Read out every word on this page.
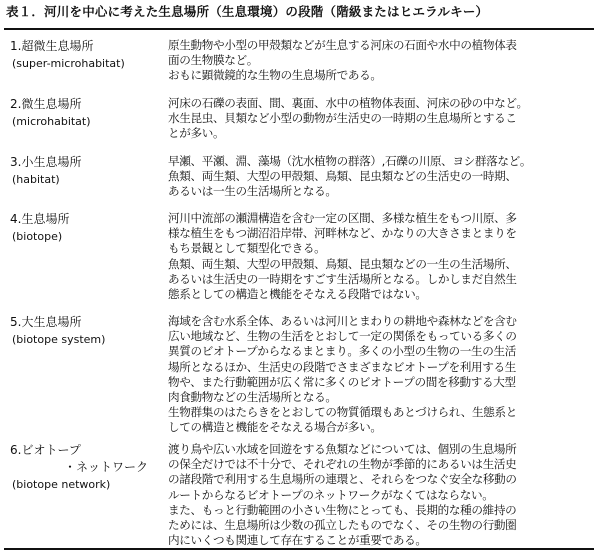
表１．河川を中心に考えた生息場所（生息環境）の段階（階級またはヒエラルキー）
1.超微生息場所
(super-microhabitat)
原生動物や小型の甲殻類などが生息する河床の石面や水中の植物体表
面の生物膜など。
おもに顕微鏡的な生物の生息場所である。
2.微生息場所
(microhabitat)
河床の石礫の表面、間、裏面、水中の植物体表面、河床の砂の中など。
水生昆虫、貝類など小型の動物が生活史の一時期の生息場所とするこ
とが多い。
3.小生息場所
(habitat)
早瀬、平瀬、淵、藻場（沈水植物の群落）,石礫の川原、ヨシ群落など。
魚類、両生類、大型の甲殻類、鳥類、昆虫類などの生活史の一時期、
あるいは一生の生活場所となる。
4.生息場所
(biotope)
河川中流部の瀬淵構造を含む一定の区間、多様な植生をもつ川原、多
様な植生をもつ湖沼沿岸帯、河畔林など、かなりの大きさまとまりを
もち景観として類型化できる。
魚類、両生類、大型の甲殻類、鳥類、昆虫類などの一生の生活場所、
あるいは生活史の一時期をすごす生活場所となる。しかしまだ自然生
態系としての構造と機能をそなえる段階ではない。
5.大生息場所
(biotope system)
海域を含む水系全体、あるいは河川とまわりの耕地や森林などを含む
広い地域など、生物の生活をとおして一定の関係をもっている多くの
異質のビオトープからなるまとまり。多くの小型の生物の一生の生活
場所となるほか、生活史の段階でさまざまなビオトープを利用する生
物や、また行動範囲が広く常に多くのビオトープの間を移動する大型
肉食動物などの生活場所となる。
生物群集のはたらきをとおしての物質循環もあとづけられ、生態系と
しての構造と機能をそなえる場合が多い。
6.ビオトープ
・ネットワーク
(biotope network)
渡り鳥や広い水域を回遊をする魚類などについては、個別の生息場所
の保全だけでは不十分で、それぞれの生物が季節的にあるいは生活史
の諸段階で利用する生息場所の連環と、それらをつなぐ安全な移動の
ルートからなるビオトープのネットワークがなくてはならない。
また、もっと行動範囲の小さい生物にとっても、長期的な種の維持の
ためには、生息場所は少数の孤立したものでなく、その生物の行動圏
内にいくつも関連して存在することが重要である。
